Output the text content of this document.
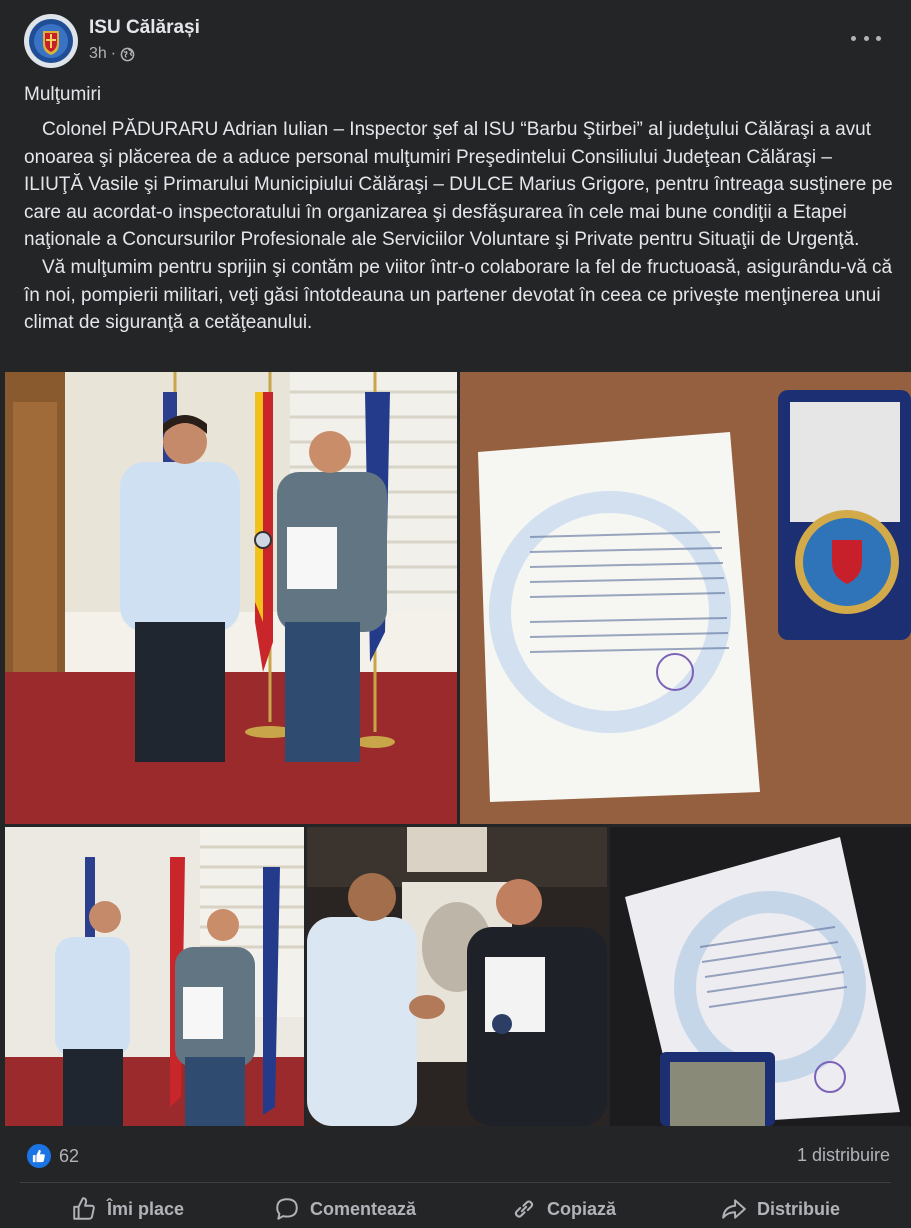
ISU Călărași
3h ·
Mulţumiri

Colonel PĂDURARU Adrian Iulian – Inspector şef al ISU “Barbu Ştirbei” al judeţului Călăraşi a avut onoarea şi plăcerea de a aduce personal mulţumiri Preşedintelui Consiliului Judeţean Călăraşi – ILIUŢĂ Vasile şi Primarului Municipiului Călăraşi – DULCE Marius Grigore, pentru întreaga susţinere pe care au acordat-o inspectoratului în organizarea şi desfăşurarea în cele mai bune condiţii a Etapei naţionale a Concursurilor Profesionale ale Serviciilor Voluntare şi Private pentru Situaţii de Urgenţă.

Vă mulţumim pentru sprijin şi contăm pe viitor într-o colaborare la fel de fructuoasă, asigurându-vă că în noi, pompierii militari, veţi găsi întotdeauna un partener devotat în ceea ce priveşte menţinerea unui climat de siguranţă a cetăţeanului.

62	1 distribuire
Îmi place	Comentează	Copiază	Distribuie
